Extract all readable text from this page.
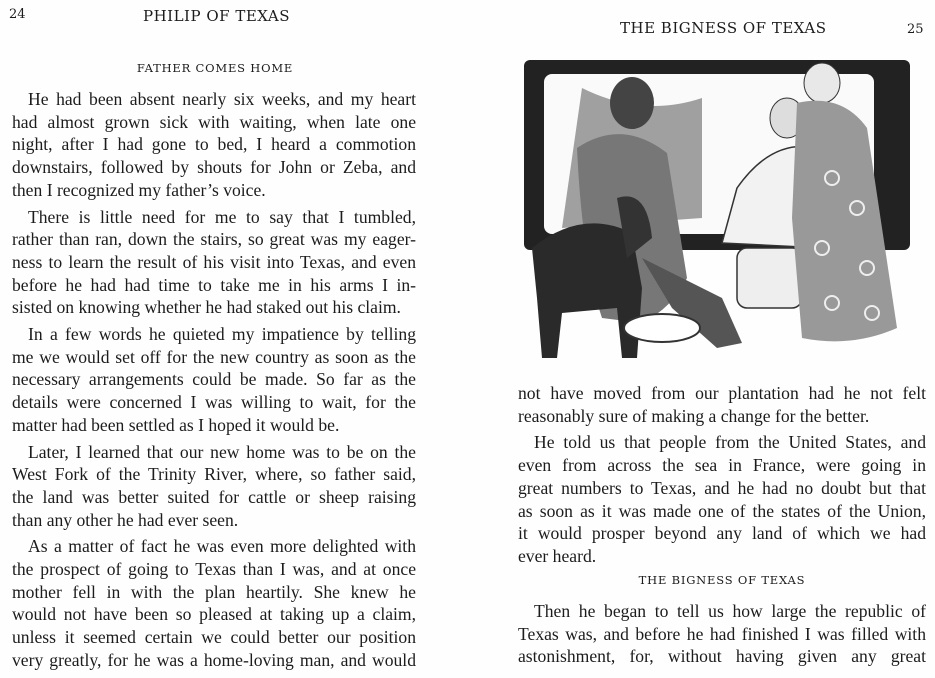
24	PHILIP OF TEXAS
FATHER COMES HOME
He had been absent nearly six weeks, and my heart
had almost grown sick with waiting, when late one
night, after I had gone to bed, I heard a commotion
downstairs, followed by shouts for John or Zeba, and
then I recognized my father’s voice.
There is little need for me to say that I tumbled,
rather than ran, down the stairs, so great was my eager-
ness to learn the result of his visit into Texas, and even
before he had had time to take me in his arms I in-
sisted on knowing whether he had staked out his claim.
In a few words he quieted my impatience by telling
me we would set off for the new country as soon as the
necessary arrangements could be made. So far as the
details were concerned I was willing to wait, for the
matter had been settled as I hoped it would be.
Later, I learned that our new home was to be on the
West Fork of the Trinity River, where, so father said,
the land was better suited for cattle or sheep raising
than any other he had ever seen.
As a matter of fact he was even more delighted with
the prospect of going to Texas than I was, and at once
mother fell in with the plan heartily. She knew he
would not have been so pleased at taking up a claim,
unless it seemed certain we could better our position
very greatly, for he was a home-loving man, and would
THE BIGNESS OF TEXAS	25
not have moved from our plantation had he not felt
reasonably sure of making a change for the better.
He told us that people from the United States, and
even from across the sea in France, were going in
great numbers to Texas, and he had no doubt but that
as soon as it was made one of the states of the Union,
it would prosper beyond any land of which we had
ever heard.
THE BIGNESS OF TEXAS
Then he began to tell us how large the republic of
Texas was, and before he had finished I was filled with
astonishment, for, without having given any great
